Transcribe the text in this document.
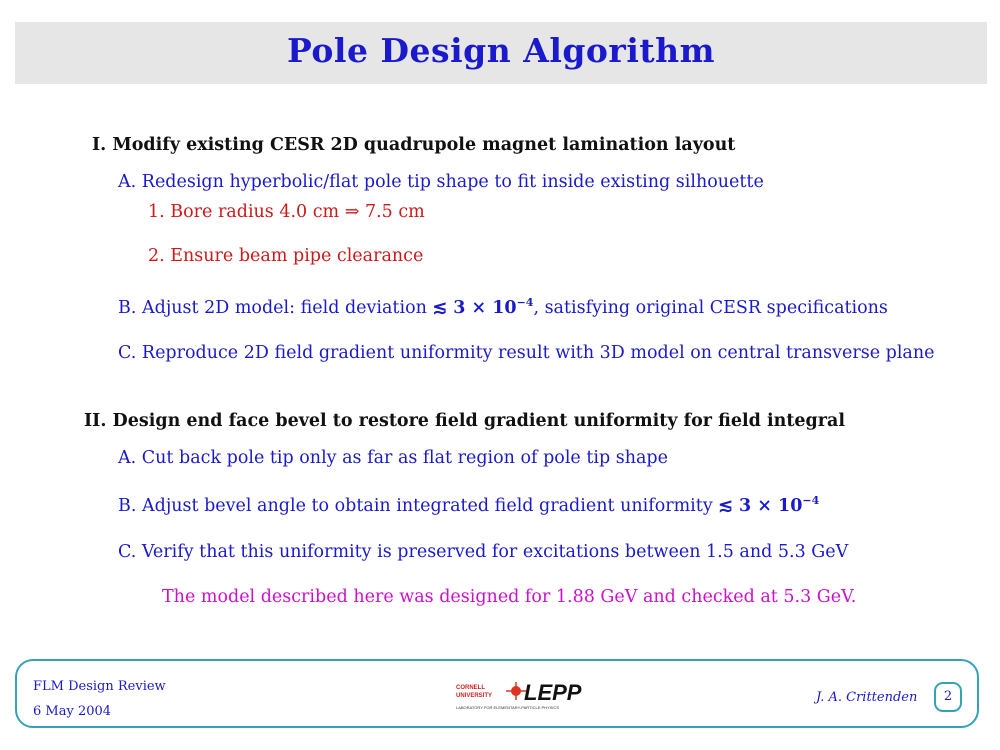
Pole Design Algorithm
I. Modify existing CESR 2D quadrupole magnet lamination layout
A. Redesign hyperbolic/flat pole tip shape to fit inside existing silhouette
1. Bore radius 4.0 cm ⇒ 7.5 cm
2. Ensure beam pipe clearance
B. Adjust 2D model: field deviation ≲ $3 \times 10^{-4}$, satisfying original CESR specifications
C. Reproduce 2D field gradient uniformity result with 3D model on central transverse plane
II. Design end face bevel to restore field gradient uniformity for field integral
A. Cut back pole tip only as far as flat region of pole tip shape
B. Adjust bevel angle to obtain integrated field gradient uniformity ≲ $3 \times 10^{-4}$
C. Verify that this uniformity is preserved for excitations between 1.5 and 5.3 GeV
The model described here was designed for 1.88 GeV and checked at 5.3 GeV.
FLM Design Review
6 May 2004
CORNELL
UNIVERSITY LEPP
LABORATORY FOR ELEMENTARY-PARTICLE PHYSICS
J. A. Crittenden	2
